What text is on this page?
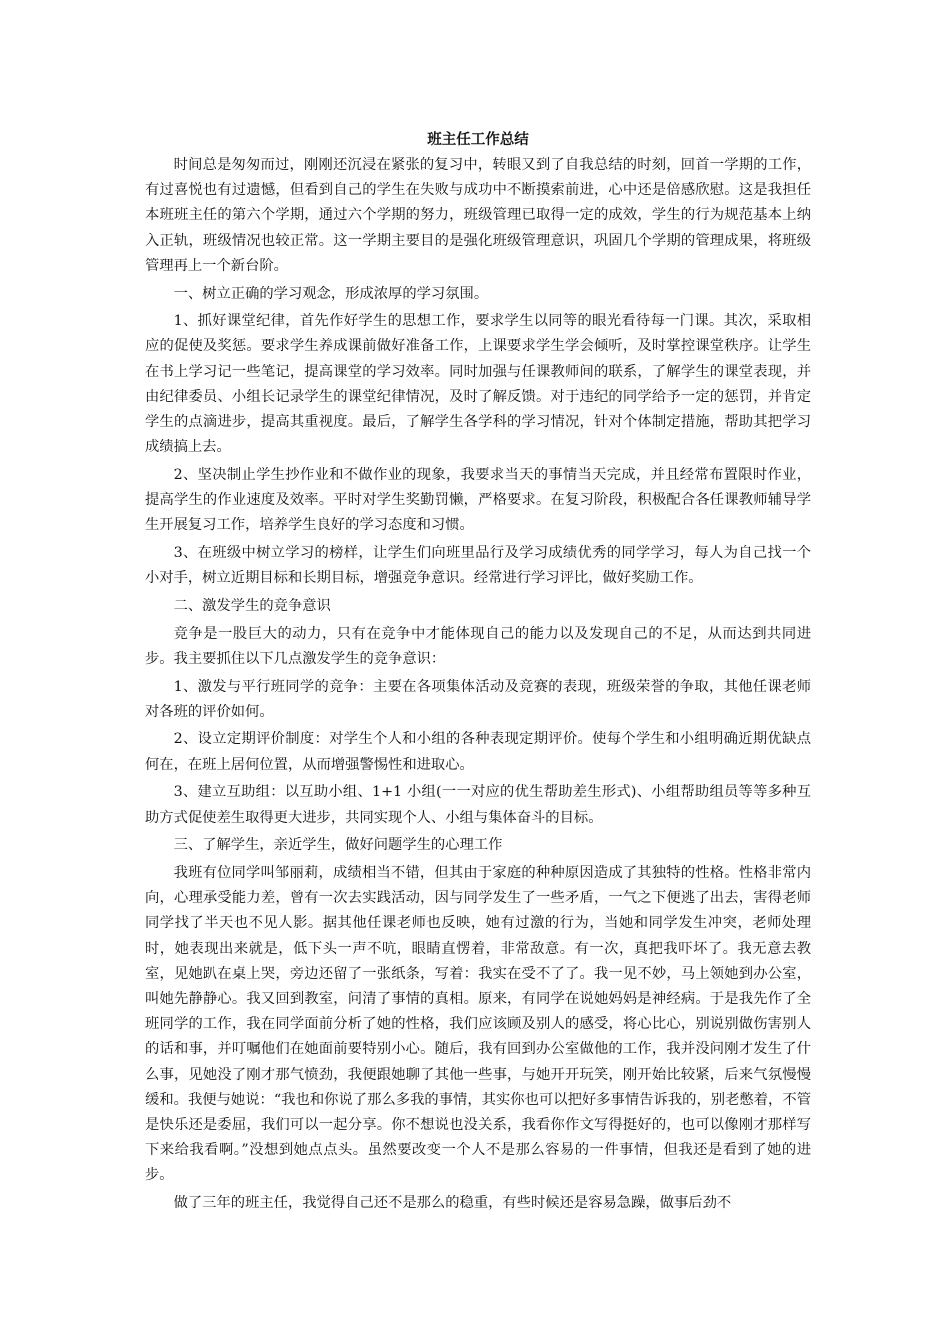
班主任工作总结

时间总是匆匆而过，刚刚还沉浸在紧张的复习中，转眼又到了自我总结的时刻，回首一学期的工作，有过喜悦也有过遗憾，但看到自己的学生在失败与成功中不断摸索前进，心中还是倍感欣慰。这是我担任本班班主任的第六个学期，通过六个学期的努力，班级管理已取得一定的成效，学生的行为规范基本上纳入正轨，班级情况也较正常。这一学期主要目的是强化班级管理意识，巩固几个学期的管理成果，将班级管理再上一个新台阶。

一、树立正确的学习观念，形成浓厚的学习氛围。

1、抓好课堂纪律，首先作好学生的思想工作，要求学生以同等的眼光看待每一门课。其次，采取相应的促使及奖惩。要求学生养成课前做好准备工作，上课要求学生学会倾听，及时掌控课堂秩序。让学生在书上学习记一些笔记，提高课堂的学习效率。同时加强与任课教师间的联系，了解学生的课堂表现，并由纪律委员、小组长记录学生的课堂纪律情况，及时了解反馈。对于违纪的同学给予一定的惩罚，并肯定学生的点滴进步，提高其重视度。最后，了解学生各学科的学习情况，针对个体制定措施，帮助其把学习成绩搞上去。

2、坚决制止学生抄作业和不做作业的现象，我要求当天的事情当天完成，并且经常布置限时作业，提高学生的作业速度及效率。平时对学生奖勤罚懒，严格要求。在复习阶段，积极配合各任课教师辅导学生开展复习工作，培养学生良好的学习态度和习惯。

3、在班级中树立学习的榜样，让学生们向班里品行及学习成绩优秀的同学学习，每人为自己找一个小对手，树立近期目标和长期目标，增强竞争意识。经常进行学习评比，做好奖励工作。

二、激发学生的竞争意识

竞争是一股巨大的动力，只有在竞争中才能体现自己的能力以及发现自己的不足，从而达到共同进步。我主要抓住以下几点激发学生的竞争意识：

1、激发与平行班同学的竞争：主要在各项集体活动及竞赛的表现，班级荣誉的争取，其他任课老师对各班的评价如何。

2、设立定期评价制度：对学生个人和小组的各种表现定期评价。使每个学生和小组明确近期优缺点何在，在班上居何位置，从而增强警惕性和进取心。

3、建立互助组：以互助小组、1+1 小组(一一对应的优生帮助差生形式)、小组帮助组员等等多种互助方式促使差生取得更大进步，共同实现个人、小组与集体奋斗的目标。

三、了解学生，亲近学生，做好问题学生的心理工作

我班有位同学叫邹丽莉，成绩相当不错，但其由于家庭的种种原因造成了其独特的性格。性格非常内向，心理承受能力差，曾有一次去实践活动，因与同学发生了一些矛盾，一气之下便逃了出去，害得老师同学找了半天也不见人影。据其他任课老师也反映，她有过激的行为，当她和同学发生冲突，老师处理时，她表现出来就是，低下头一声不吭，眼睛直愣着，非常敌意。有一次，真把我吓坏了。我无意去教室，见她趴在桌上哭，旁边还留了一张纸条，写着：我实在受不了了。我一见不妙，马上领她到办公室，叫她先静静心。我又回到教室，问清了事情的真相。原来，有同学在说她妈妈是神经病。于是我先作了全班同学的工作，我在同学面前分析了她的性格，我们应该顾及别人的感受，将心比心，别说别做伤害别人的话和事，并叮嘱他们在她面前要特别小心。随后，我有回到办公室做他的工作，我并没问刚才发生了什么事，见她没了刚才那气愤劲，我便跟她聊了其他一些事，与她开开玩笑，刚开始比较紧，后来气氛慢慢缓和。我便与她说：“我也和你说了那么多我的事情，其实你也可以把好多事情告诉我的，别老憋着，不管是快乐还是委屈，我们可以一起分享。你不想说也没关系，我看你作文写得挺好的，也可以像刚才那样写下来给我看啊。”没想到她点点头。虽然要改变一个人不是那么容易的一件事情，但我还是看到了她的进步。

做了三年的班主任，我觉得自己还不是那么的稳重，有些时候还是容易急躁，做事后劲不
